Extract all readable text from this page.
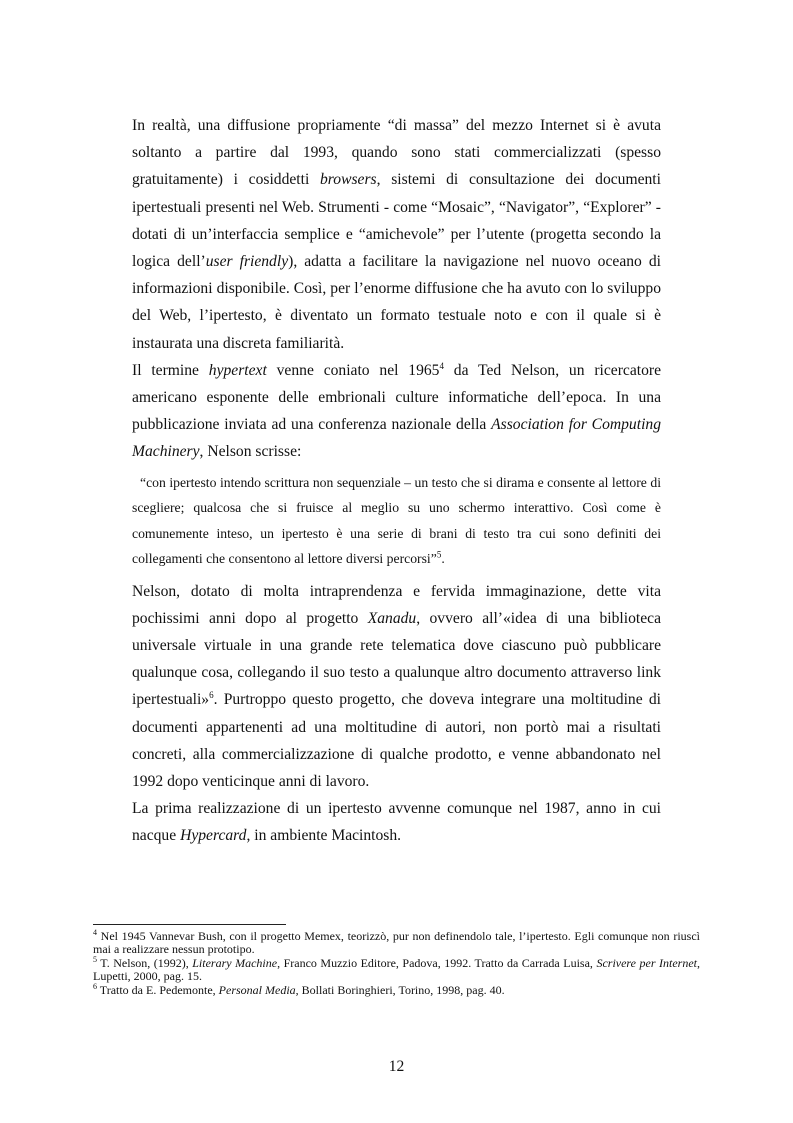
In realtà, una diffusione propriamente “di massa” del mezzo Internet si è avuta soltanto a partire dal 1993, quando sono stati commercializzati (spesso gratuitamente) i cosiddetti browsers, sistemi di consultazione dei documenti ipertestuali presenti nel Web. Strumenti - come “Mosaic”, “Navigator”, “Explorer” - dotati di un’interfaccia semplice e “amichevole” per l’utente (progetta secondo la logica dell’user friendly), adatta a facilitare la navigazione nel nuovo oceano di informazioni disponibile. Così, per l’enorme diffusione che ha avuto con lo sviluppo del Web, l’ipertesto, è diventato un formato testuale noto e con il quale si è instaurata una discreta familiarità.

Il termine hypertext venne coniato nel 1965$^4$ da Ted Nelson, un ricercatore americano esponente delle embrionali culture informatiche dell’epoca. In una pubblicazione inviata ad una conferenza nazionale della Association for Computing Machinery, Nelson scrisse:

“con ipertesto intendo scrittura non sequenziale – un testo che si dirama e consente al lettore di scegliere; qualcosa che si fruisce al meglio su uno schermo interattivo. Così come è comunemente inteso, un ipertesto è una serie di brani di testo tra cui sono definiti dei collegamenti che consentono al lettore diversi percorsi”$^5$.

Nelson, dotato di molta intraprendenza e fervida immaginazione, dette vita pochissimi anni dopo al progetto Xanadu, ovvero all’«idea di una biblioteca universale virtuale in una grande rete telematica dove ciascuno può pubblicare qualunque cosa, collegando il suo testo a qualunque altro documento attraverso link ipertestuali»$^6$. Purtroppo questo progetto, che doveva integrare una moltitudine di documenti appartenenti ad una moltitudine di autori, non portò mai a risultati concreti, alla commercializzazione di qualche prodotto, e venne abbandonato nel 1992 dopo venticinque anni di lavoro.

La prima realizzazione di un ipertesto avvenne comunque nel 1987, anno in cui nacque Hypercard, in ambiente Macintosh.

$^4$ Nel 1945 Vannevar Bush, con il progetto Memex, teorizzò, pur non definendolo tale, l’ipertesto. Egli comunque non riuscì mai a realizzare nessun prototipo.

$^5$ T. Nelson, (1992), Literary Machine, Franco Muzzio Editore, Padova, 1992. Tratto da Carrada Luisa, Scrivere per Internet, Lupetti, 2000, pag. 15.

$^6$ Tratto da E. Pedemonte, Personal Media, Bollati Boringhieri, Torino, 1998, pag. 40.

12
